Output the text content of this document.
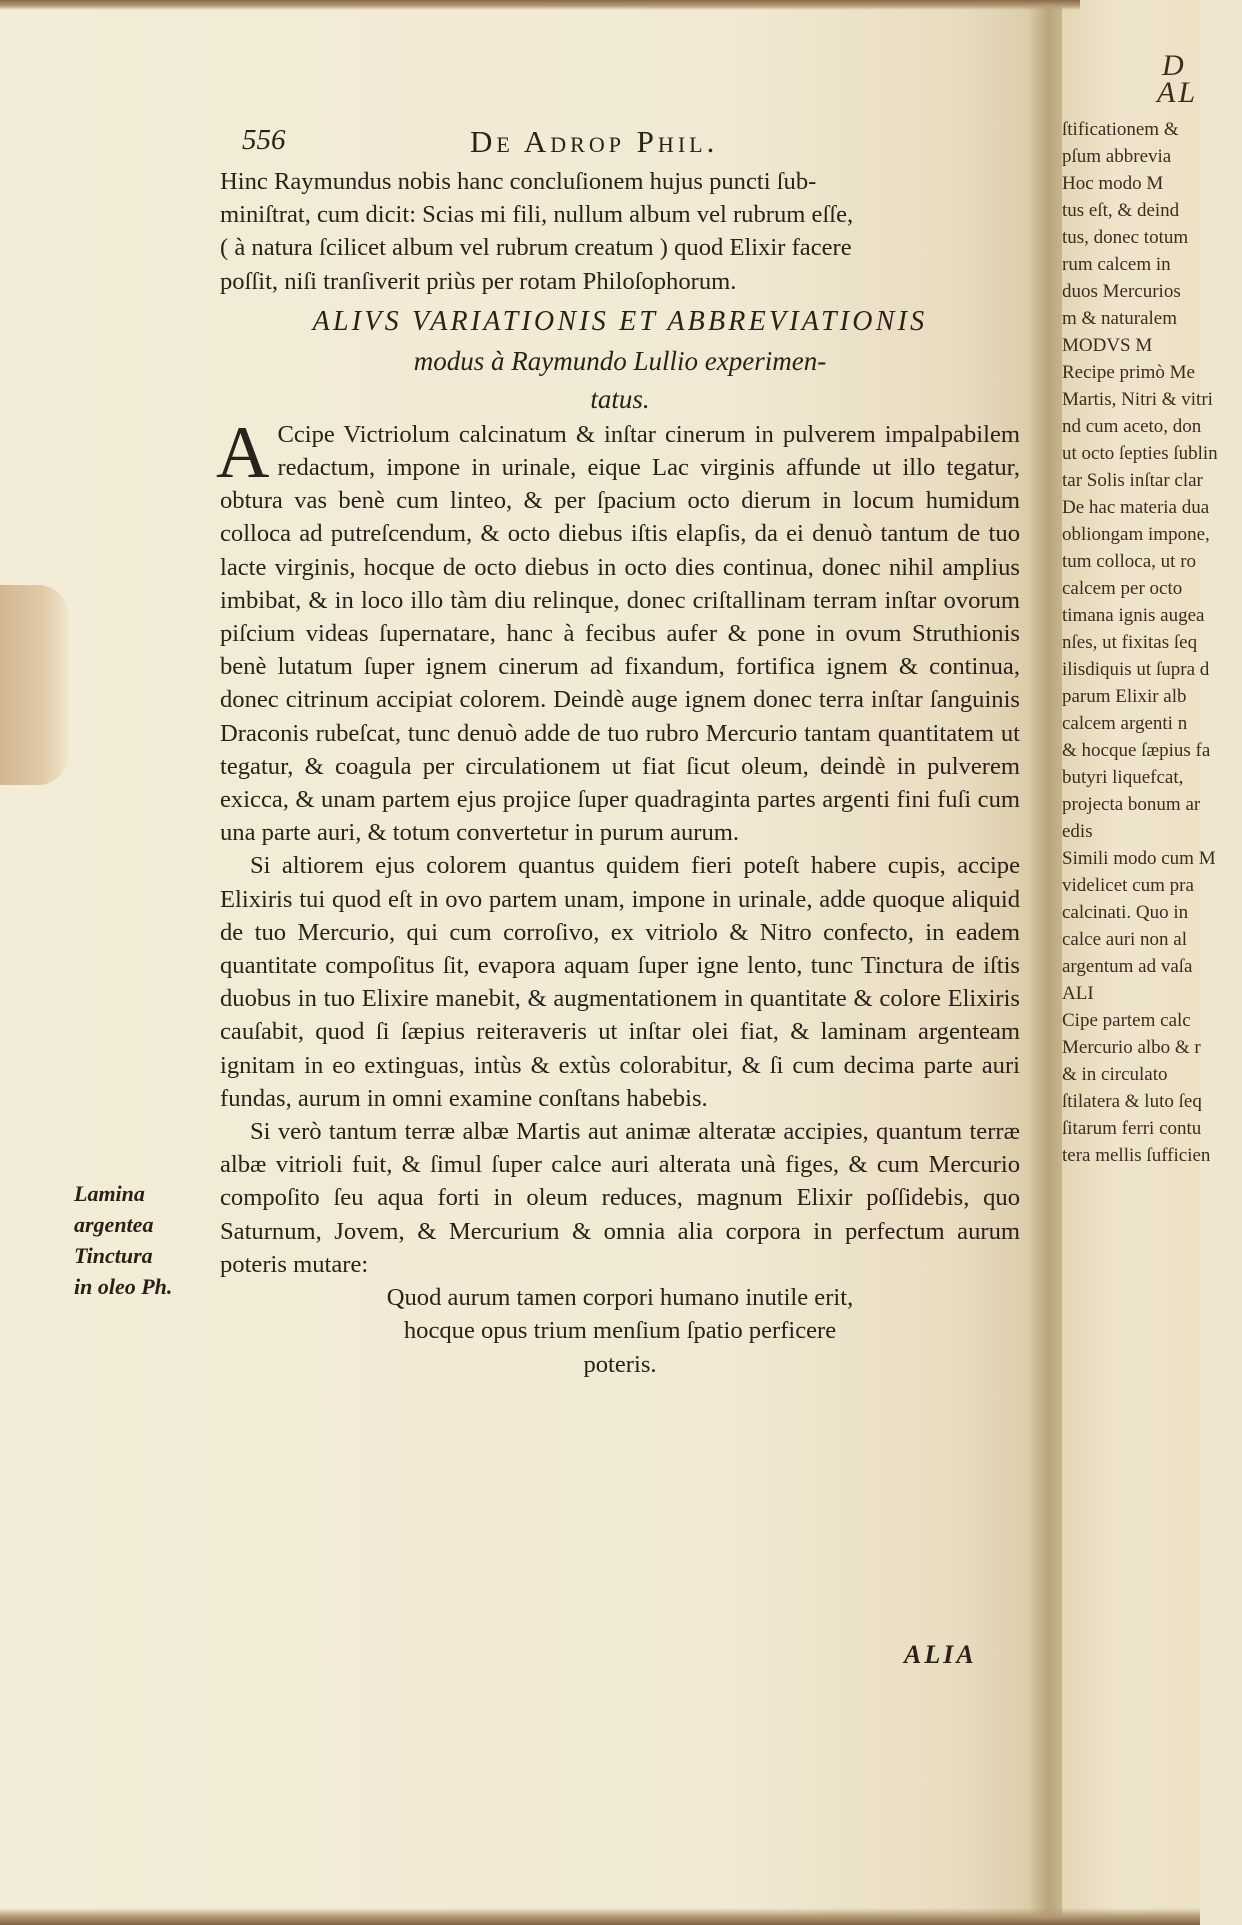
556	De Adrop Phil.

Hinc Raymundus nobis hanc concluſionem hujus puncti ſub-

miniſtrat, cum dicit: Scias mi fili, nullum album vel rubrum eſſe,

( à natura ſcilicet album vel rubrum creatum ) quod Elixir facere

poſſit, niſi tranſiverit priùs per rotam Philoſophorum.

ALIVS VARIATIONIS ET ABBREVIATIONIS

modus à Raymundo Lullio experimen-

tatus.

A Ccipe Victriolum calcinatum & inſtar cinerum in pulverem impalpabilem redactum, impone in urinale, eique Lac virginis affunde ut illo tegatur, obtura vas benè cum linteo, & per ſpacium octo dierum in locum humidum colloca ad putreſcendum, & octo diebus iſtis elapſis, da ei denuò tantum de tuo lacte virginis, hocque de octo diebus in octo dies continua, donec nihil amplius imbibat, & in loco illo tàm diu relinque, donec criſtallinam terram inſtar ovorum piſcium videas ſupernatare, hanc à fecibus aufer & pone in ovum Struthionis benè lutatum ſuper ignem cinerum ad fixandum, fortifica ignem & continua, donec citrinum accipiat colorem. Deindè auge ignem donec terra inſtar ſanguinis Draconis rubeſcat, tunc denuò adde de tuo rubro Mercurio tantam quantitatem ut tegatur, & coagula per circulationem ut fiat ſicut oleum, deindè in pulverem exicca, & unam partem ejus projice ſuper quadraginta partes argenti fini fuſi cum una parte auri, & totum convertetur in purum aurum.

Si altiorem ejus colorem quantus quidem fieri poteſt habere cupis, accipe Elixiris tui quod eſt in ovo partem unam, impone in urinale, adde quoque aliquid de tuo Mercurio, qui cum corroſivo, ex vitriolo & Nitro confecto, in eadem quantitate compoſitus ſit, evapora aquam ſuper igne lento, tunc Tinctura de iſtis duobus in tuo Elixire manebit, & augmentationem in quantitate & colore Elixiris cauſabit, quod ſi ſæpius reiteraveris ut inſtar olei fiat, & laminam argenteam ignitam in eo extinguas, intùs & extùs colorabitur, & ſi cum decima parte auri fundas, aurum in omni examine conſtans habebis.

Si verò tantum terræ albæ Martis aut animæ alteratæ accipies, quantum terræ albæ vitrioli fuit, & ſimul ſuper calce auri alterata unà figes, & cum Mercurio compoſito ſeu aqua forti in oleum reduces, magnum Elixir poſſidebis, quo Saturnum, Jovem, & Mercurium & omnia alia corpora in perfectum aurum poteris mutare:

Quod aurum tamen corpori humano inutile erit,
hocque opus trium menſium ſpatio perficere
poteris.

ALIA
Lamina
argentea
Tinctura
in oleo Ph.
D
AL
ſtificationem &
pſum abbrevia
Hoc modo M
tus eſt, & deind
tus, donec totum
rum calcem in
duos Mercurios
m & naturalem
MODVS M
Recipe primò Me
Martis, Nitri & vitri
nd cum aceto, don
ut octo ſepties ſublin
tar Solis inſtar clar
De hac materia dua
obliongam impone,
tum colloca, ut ro
calcem per octo
timana ignis augea
nſes, ut fixitas ſeq
ilisdiquis ut ſupra d
parum Elixir alb
calcem argenti n
& hocque ſæpius fa
butyri liquefcat,
projecta bonum ar
edis
Simili modo cum M
videlicet cum pra
calcinati. Quo in
calce auri non al
argentum ad vaſa
ALI
Cipe partem calc
Mercurio albo & r
& in circulato
ſtilatera & luto ſeq
ſitarum ferri contu
tera mellis ſufficien
